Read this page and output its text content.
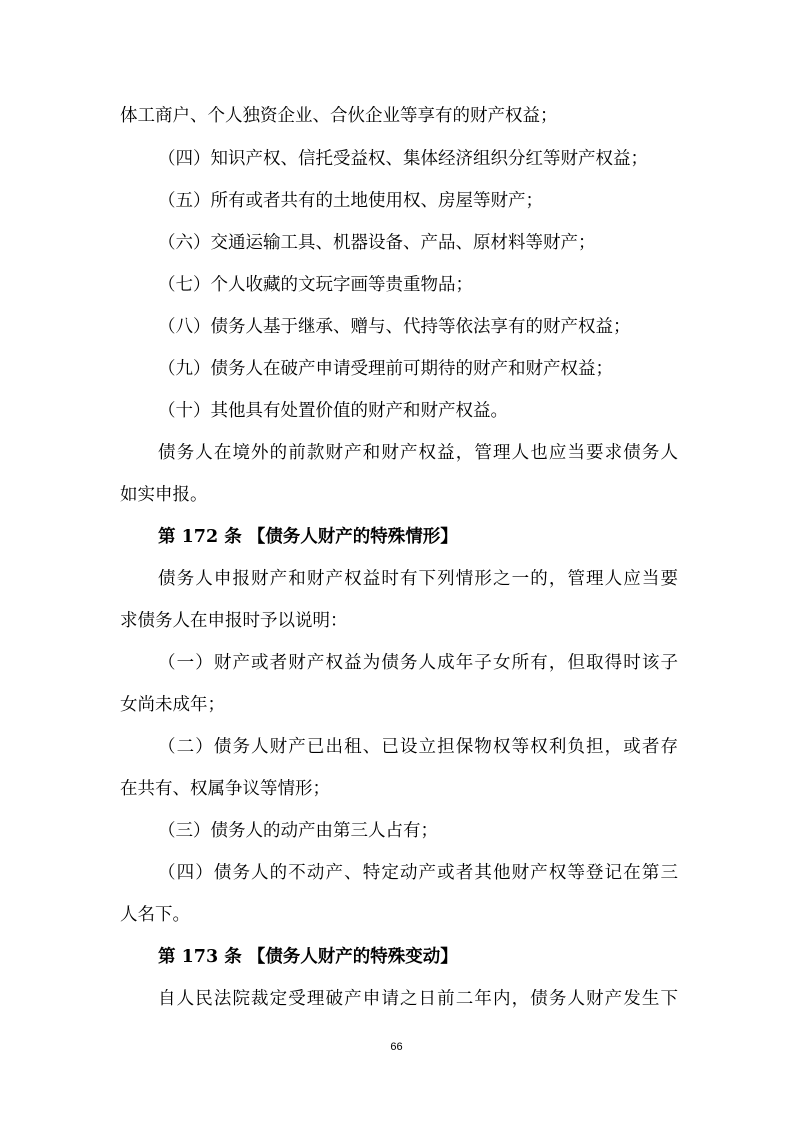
体工商户、个人独资企业、合伙企业等享有的财产权益；
（四）知识产权、信托受益权、集体经济组织分红等财产权益；
（五）所有或者共有的土地使用权、房屋等财产；
（六）交通运输工具、机器设备、产品、原材料等财产；
（七）个人收藏的文玩字画等贵重物品；
（八）债务人基于继承、赠与、代持等依法享有的财产权益；
（九）债务人在破产申请受理前可期待的财产和财产权益；
（十）其他具有处置价值的财产和财产权益。
债务人在境外的前款财产和财产权益，管理人也应当要求债务人
如实申报。
第 172 条 【债务人财产的特殊情形】
债务人申报财产和财产权益时有下列情形之一的，管理人应当要
求债务人在申报时予以说明：
（一）财产或者财产权益为债务人成年子女所有，但取得时该子
女尚未成年；
（二）债务人财产已出租、已设立担保物权等权利负担，或者存
在共有、权属争议等情形；
（三）债务人的动产由第三人占有；
（四）债务人的不动产、特定动产或者其他财产权等登记在第三
人名下。
第 173 条 【债务人财产的特殊变动】
自人民法院裁定受理破产申请之日前二年内，债务人财产发生下
66
